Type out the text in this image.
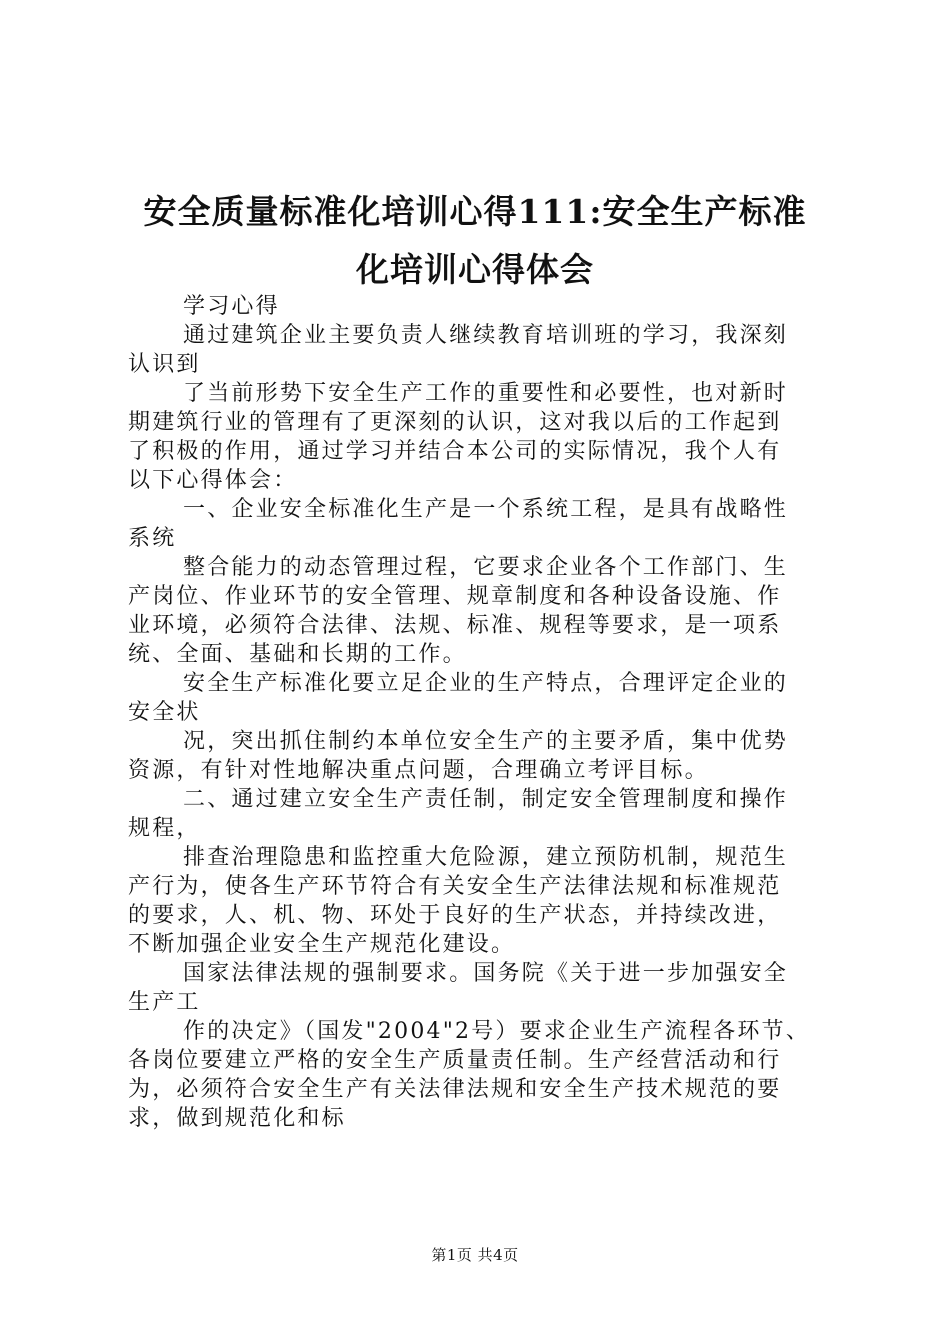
安全质量标准化培训心得111:安全生产标准
化培训心得体会
学习心得
通过建筑企业主要负责人继续教育培训班的学习，我深刻
认识到
了当前形势下安全生产工作的重要性和必要性，也对新时
期建筑行业的管理有了更深刻的认识，这对我以后的工作起到
了积极的作用，通过学习并结合本公司的实际情况，我个人有
以下心得体会：
一、企业安全标准化生产是一个系统工程，是具有战略性
系统
整合能力的动态管理过程，它要求企业各个工作部门、生
产岗位、作业环节的安全管理、规章制度和各种设备设施、作
业环境，必须符合法律、法规、标准、规程等要求，是一项系
统、全面、基础和长期的工作。
安全生产标准化要立足企业的生产特点，合理评定企业的
安全状
况，突出抓住制约本单位安全生产的主要矛盾，集中优势
资源，有针对性地解决重点问题，合理确立考评目标。
二、通过建立安全生产责任制，制定安全管理制度和操作
规程，
排查治理隐患和监控重大危险源，建立预防机制，规范生
产行为，使各生产环节符合有关安全生产法律法规和标准规范
的要求，人、机、物、环处于良好的生产状态，并持续改进，
不断加强企业安全生产规范化建设。
国家法律法规的强制要求。国务院《关于进一步加强安全
生产工
作的决定》（国发"2004"2号）要求企业生产流程各环节、
各岗位要建立严格的安全生产质量责任制。生产经营活动和行
为，必须符合安全生产有关法律法规和安全生产技术规范的要
求，做到规范化和标
第1页 共4页
